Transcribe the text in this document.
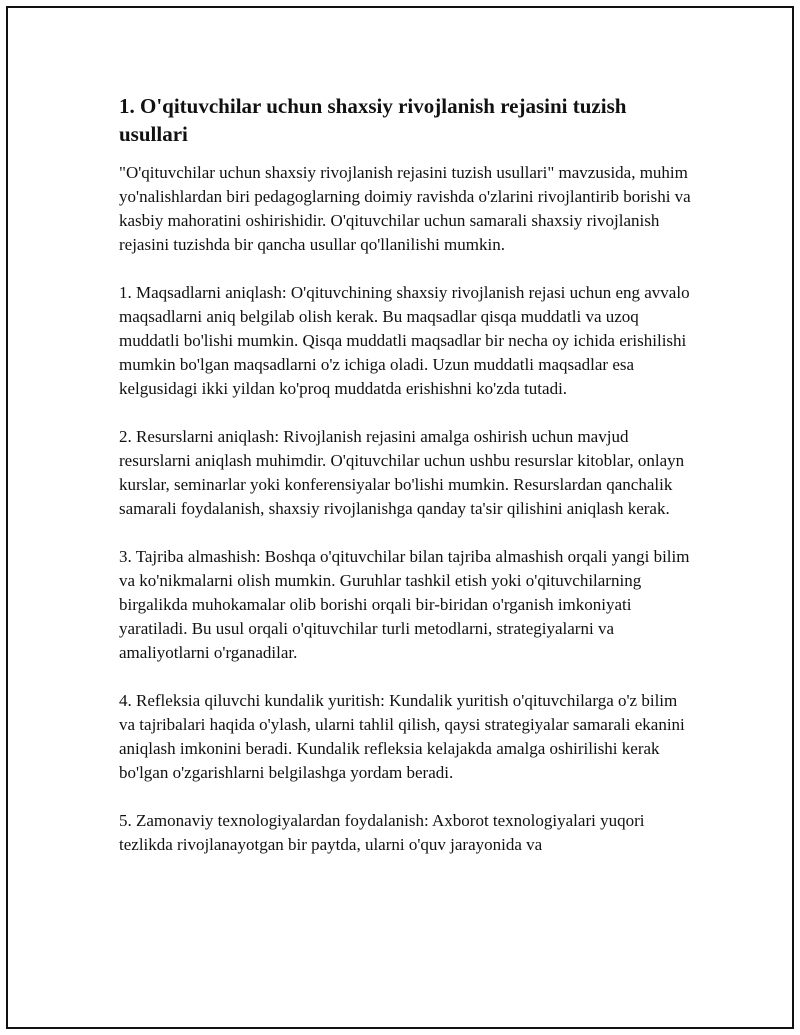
1. O'qituvchilar uchun shaxsiy rivojlanish rejasini tuzish usullari

"O'qituvchilar uchun shaxsiy rivojlanish rejasini tuzish usullari" mavzusida, muhim yo'nalishlardan biri pedagoglarning doimiy ravishda o'zlarini rivojlantirib borishi va kasbiy mahoratini oshirishidir. O'qituvchilar uchun samarali shaxsiy rivojlanish rejasini tuzishda bir qancha usullar qo'llanilishi mumkin.

1. Maqsadlarni aniqlash: O'qituvchining shaxsiy rivojlanish rejasi uchun eng avvalo maqsadlarni aniq belgilab olish kerak. Bu maqsadlar qisqa muddatli va uzoq muddatli bo'lishi mumkin. Qisqa muddatli maqsadlar bir necha oy ichida erishilishi mumkin bo'lgan maqsadlarni o'z ichiga oladi. Uzun muddatli maqsadlar esa kelgusidagi ikki yildan ko'proq muddatda erishishni ko'zda tutadi.

2. Resurslarni aniqlash: Rivojlanish rejasini amalga oshirish uchun mavjud resurslarni aniqlash muhimdir. O'qituvchilar uchun ushbu resurslar kitoblar, onlayn kurslar, seminarlar yoki konferensiyalar bo'lishi mumkin. Resurslardan qanchalik samarali foydalanish, shaxsiy rivojlanishga qanday ta'sir qilishini aniqlash kerak.

3. Tajriba almashish: Boshqa o'qituvchilar bilan tajriba almashish orqali yangi bilim va ko'nikmalarni olish mumkin. Guruhlar tashkil etish yoki o'qituvchilarning birgalikda muhokamalar olib borishi orqali bir-biridan o'rganish imkoniyati yaratiladi. Bu usul orqali o'qituvchilar turli metodlarni, strategiyalarni va amaliyotlarni o'rganadilar.

4. Refleksia qiluvchi kundalik yuritish: Kundalik yuritish o'qituvchilarga o'z bilim va tajribalari haqida o'ylash, ularni tahlil qilish, qaysi strategiyalar samarali ekanini aniqlash imkonini beradi. Kundalik refleksia kelajakda amalga oshirilishi kerak bo'lgan o'zgarishlarni belgilashga yordam beradi.

5. Zamonaviy texnologiyalardan foydalanish: Axborot texnologiyalari yuqori tezlikda rivojlanayotgan bir paytda, ularni o'quv jarayonida va
